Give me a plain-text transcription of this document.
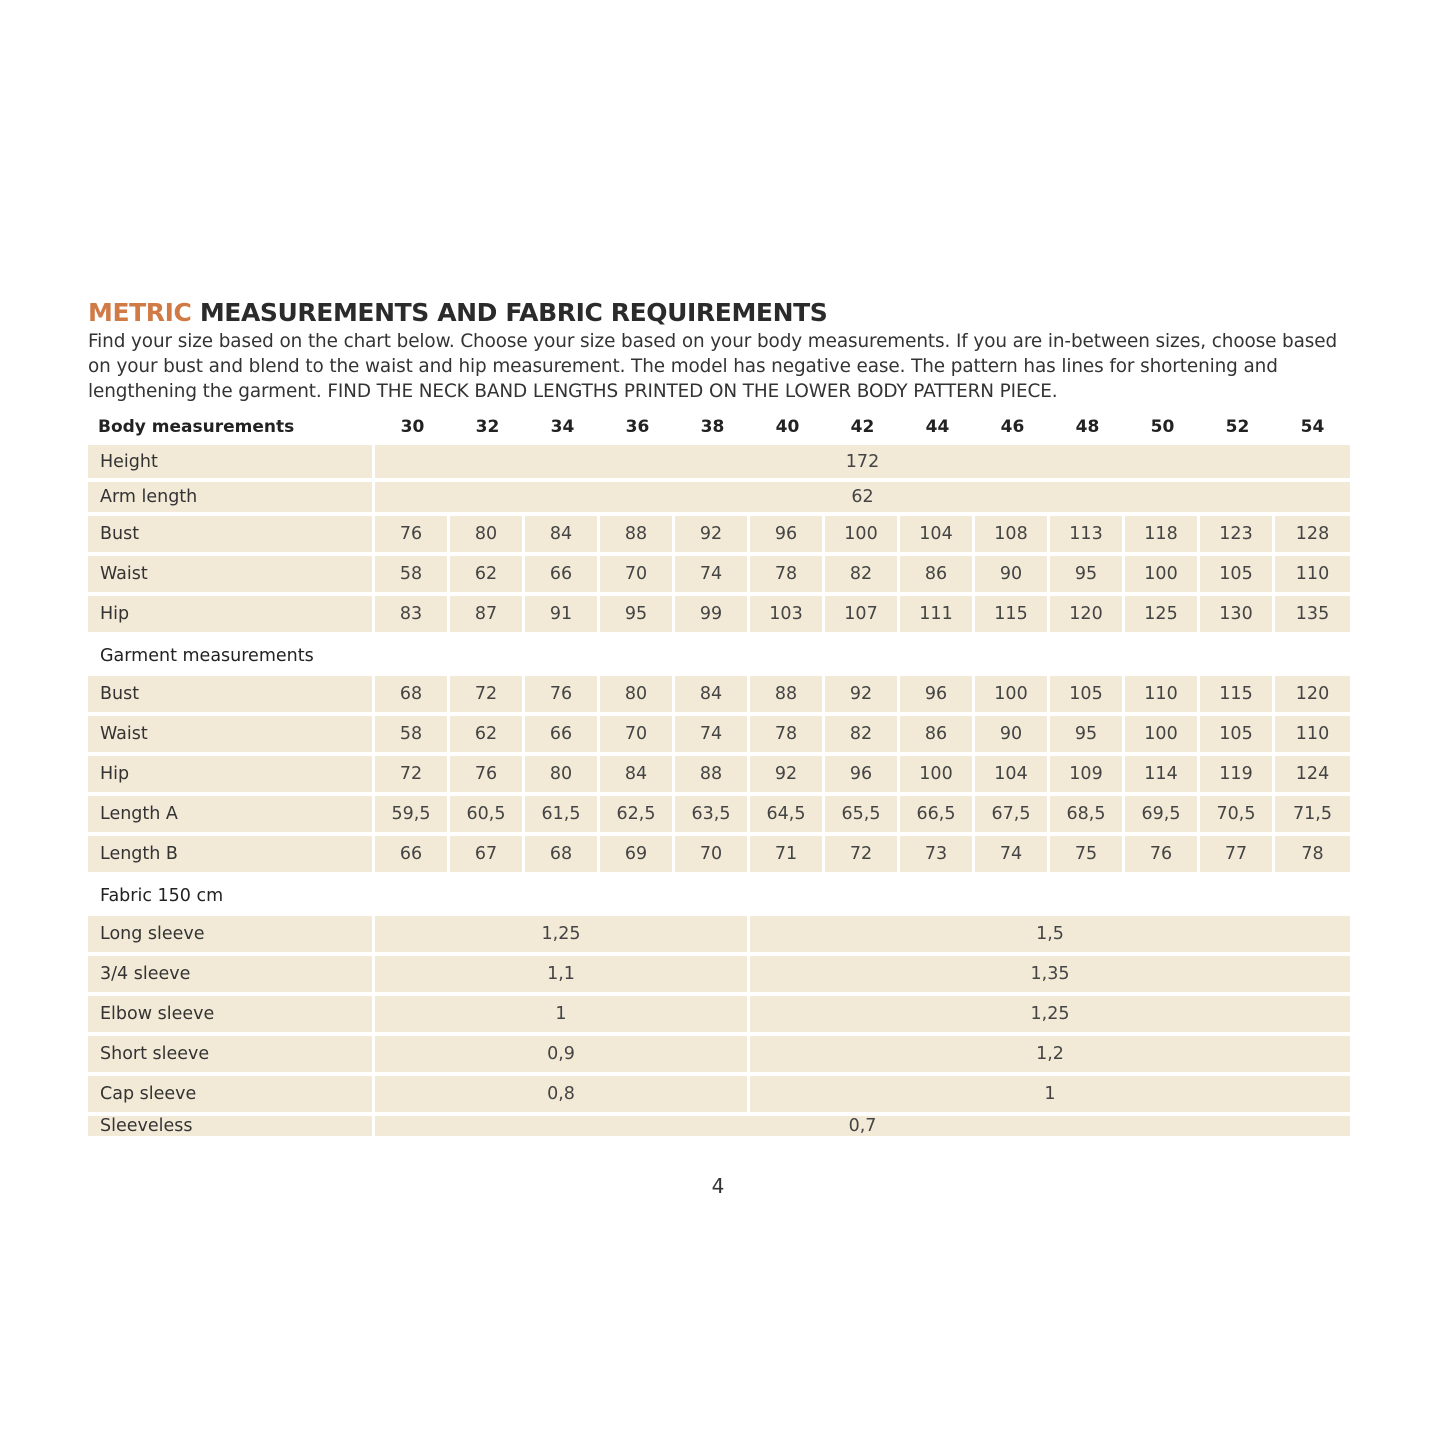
METRIC MEASUREMENTS AND FABRIC REQUIREMENTS

Find your size based on the chart below. Choose your size based on your body measurements. If you are in-between sizes, choose based on your bust and blend to the waist and hip measurement. The model has negative ease. The pattern has lines for shortening and lengthening the garment. FIND THE NECK BAND LENGTHS PRINTED ON THE LOWER BODY PATTERN PIECE.

Body measurements	30	32	34	36	38	40	42	44	46	48	50	52	54
Height	172
Arm length	62
Bust	76	80	84	88	92	96	100	104	108	113	118	123	128
Waist	58	62	66	70	74	78	82	86	90	95	100	105	110
Hip	83	87	91	95	99	103	107	111	115	120	125	130	135
Garment measurements
Bust	68	72	76	80	84	88	92	96	100	105	110	115	120
Waist	58	62	66	70	74	78	82	86	90	95	100	105	110
Hip	72	76	80	84	88	92	96	100	104	109	114	119	124
Length A	59,5	60,5	61,5	62,5	63,5	64,5	65,5	66,5	67,5	68,5	69,5	70,5	71,5
Length B	66	67	68	69	70	71	72	73	74	75	76	77	78
Fabric 150 cm
Long sleeve	1,25	1,5
3/4 sleeve	1,1	1,35
Elbow sleeve	1	1,25
Short sleeve	0,9	1,2
Cap sleeve	0,8	1
Sleeveless	0,7
4
